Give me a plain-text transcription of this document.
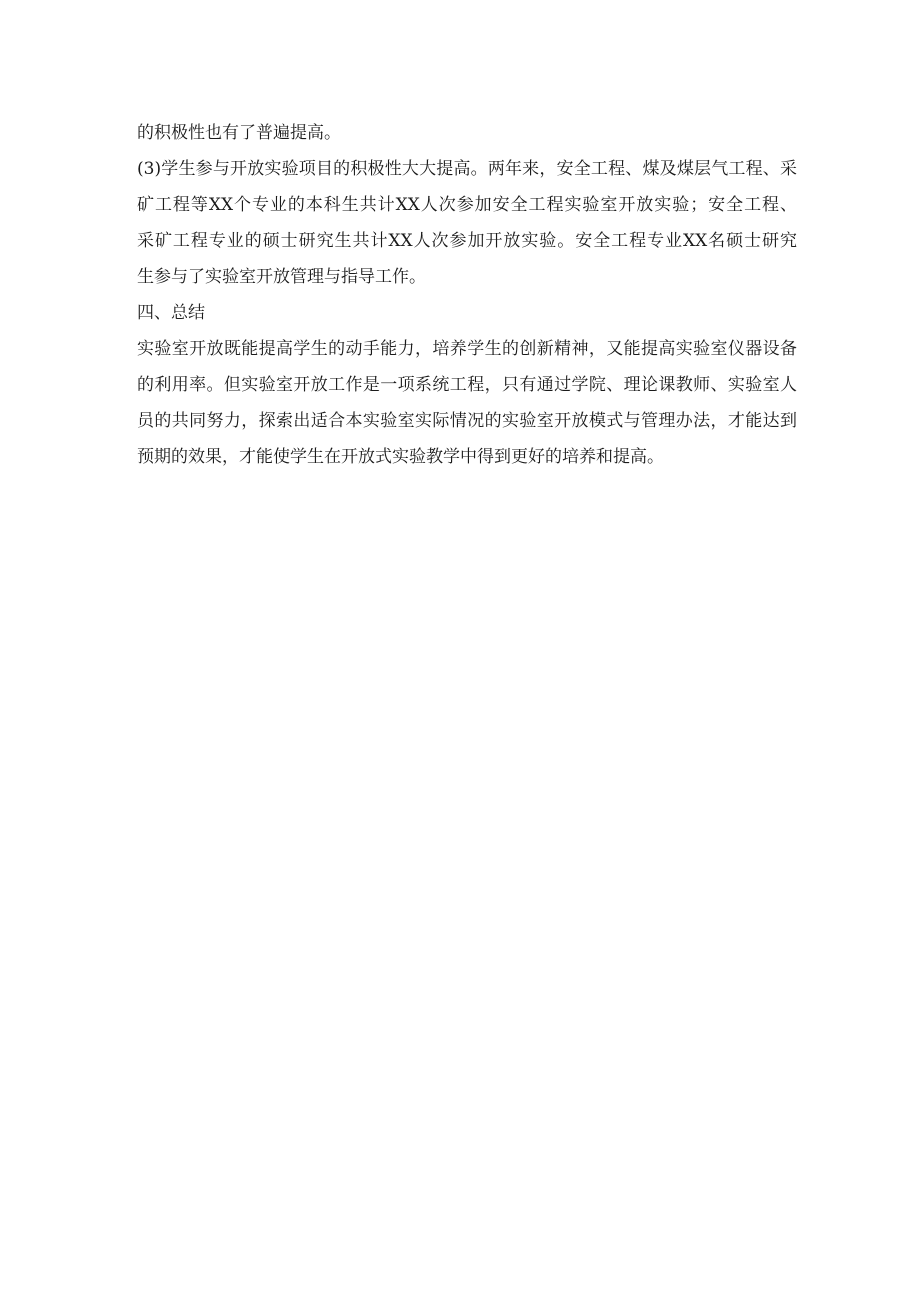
的积极性也有了普遍提高。
(3)学生参与开放实验项目的积极性大大提高。两年来，安全工程、煤及煤层气工程、采
矿工程等XX个专业的本科生共计XX人次参加安全工程实验室开放实验；安全工程、
采矿工程专业的硕士研究生共计XX人次参加开放实验。安全工程专业XX名硕士研究
生参与了实验室开放管理与指导工作。
四、总结
实验室开放既能提高学生的动手能力，培养学生的创新精神，又能提高实验室仪器设备
的利用率。但实验室开放工作是一项系统工程，只有通过学院、理论课教师、实验室人
员的共同努力，探索出适合本实验室实际情况的实验室开放模式与管理办法，才能达到
预期的效果，才能使学生在开放式实验教学中得到更好的培养和提高。
